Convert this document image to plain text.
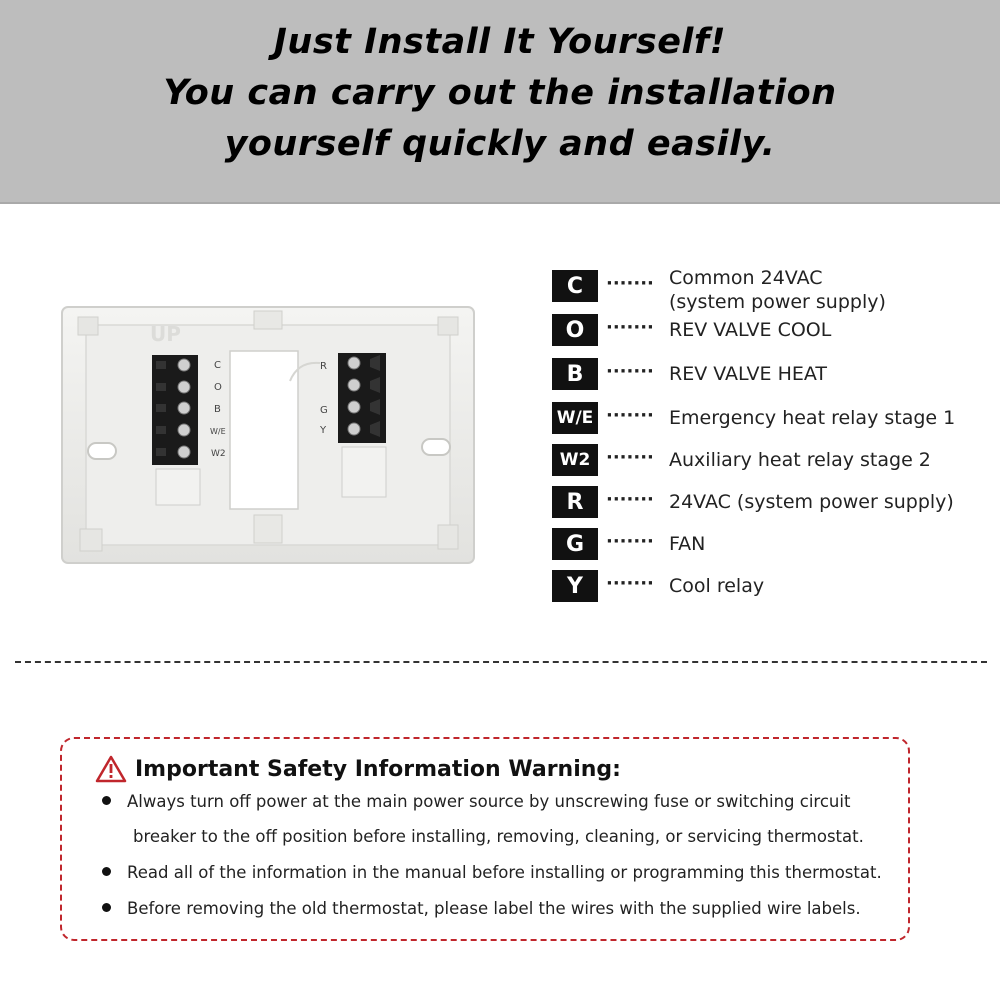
Just Install It Yourself!
You can carry out the installation
yourself quickly and easily.
UP
C
O
B
W/E
W2
R
G
Y
C	······· Common 24VAC
(system power supply)
O	······· REV VALVE COOL
B	······· REV VALVE HEAT
W/E ······· Emergency heat relay stage 1
W2 ······· Auxiliary heat relay stage 2
R	······· 24VAC (system power supply)
G	······· FAN
Y	······· Cool relay
Important Safety Information Warning:
Always turn off power at the main power source by unscrewing fuse or switching circuit
breaker to the off position before installing, removing, cleaning, or servicing thermostat.
Read all of the information in the manual before installing or programming this thermostat.
Before removing the old thermostat, please label the wires with the supplied wire labels.
